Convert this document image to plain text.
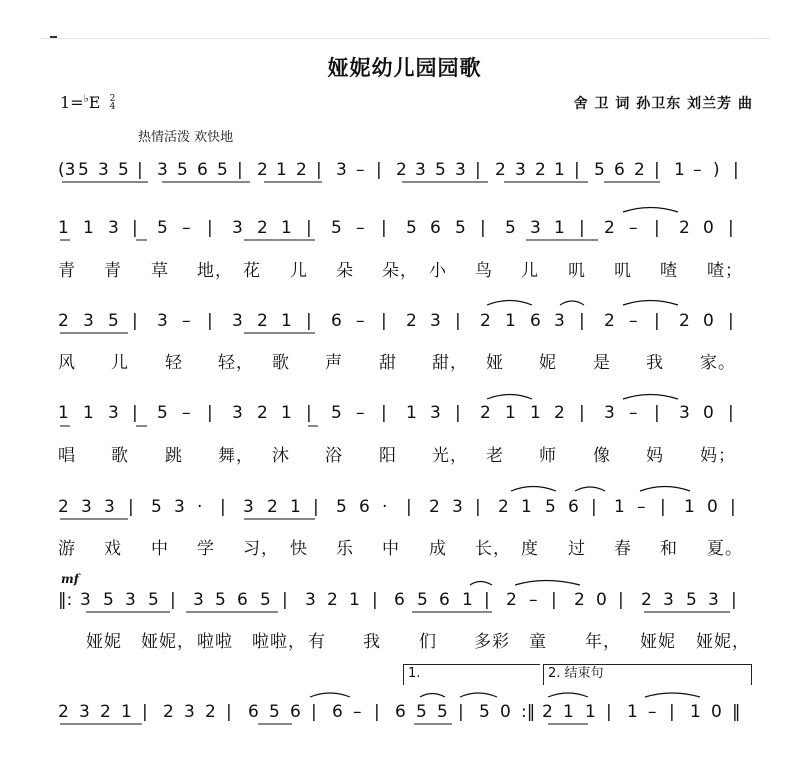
娅妮幼儿园园歌
1=♭E 2
4	舍 卫 词 孙卫东 刘兰芳 曲
热情活泼 欢快地
(3 5 3 5 | 3 5 6 5 | 2 1 2 | 3 – | 2 3 5 3 | 2 3 2 1 | 5 6 2 | 1 – ) |
1 1 3 | 5 – | 3 2 1 | 5 – | 5 6 5 | 5 3 1 | 2 – | 2 0 |
青 青 草 地， 花 儿 朵 朵， 小 鸟 儿 叽 叽 喳 喳；
2 3 5 | 3 – | 3 2 1 | 6 – | 2 3 | 2 1 6 3 | 2 – | 2 0 |
风 儿 轻 轻， 歌 声 甜 甜， 娅 妮 是 我 家。
1 1 3 | 5 – | 3 2 1 | 5 – | 1 3 | 2 1 1 2 | 3 – | 3 0 |
唱 歌 跳 舞， 沐 浴 阳 光， 老 师 像 妈 妈；
2 3 3 | 5 3 · | 3 2 1 | 5 6 · | 2 3 | 2 1 5 6 | 1 – | 1 0 |
游 戏 中 学 习， 快 乐 中 成 长， 度 过 春 和 夏。
mf
‖: 3 5 3 5 | 3 5 6 5 | 3 2 1 | 6 5 6 1 | 2 – | 2 0 | 2 3 5 3 |
娅妮 娅妮， 啦啦 啦啦， 有 我 们 多彩 童 年， 娅妮 娅妮，
1.	2. 结束句
2 3 2 1 | 2 3 2 | 6 5 6 | 6 – | 6 5 5 | 5 0 :‖ 2 1 1 | 1 – | 1 0 ‖
